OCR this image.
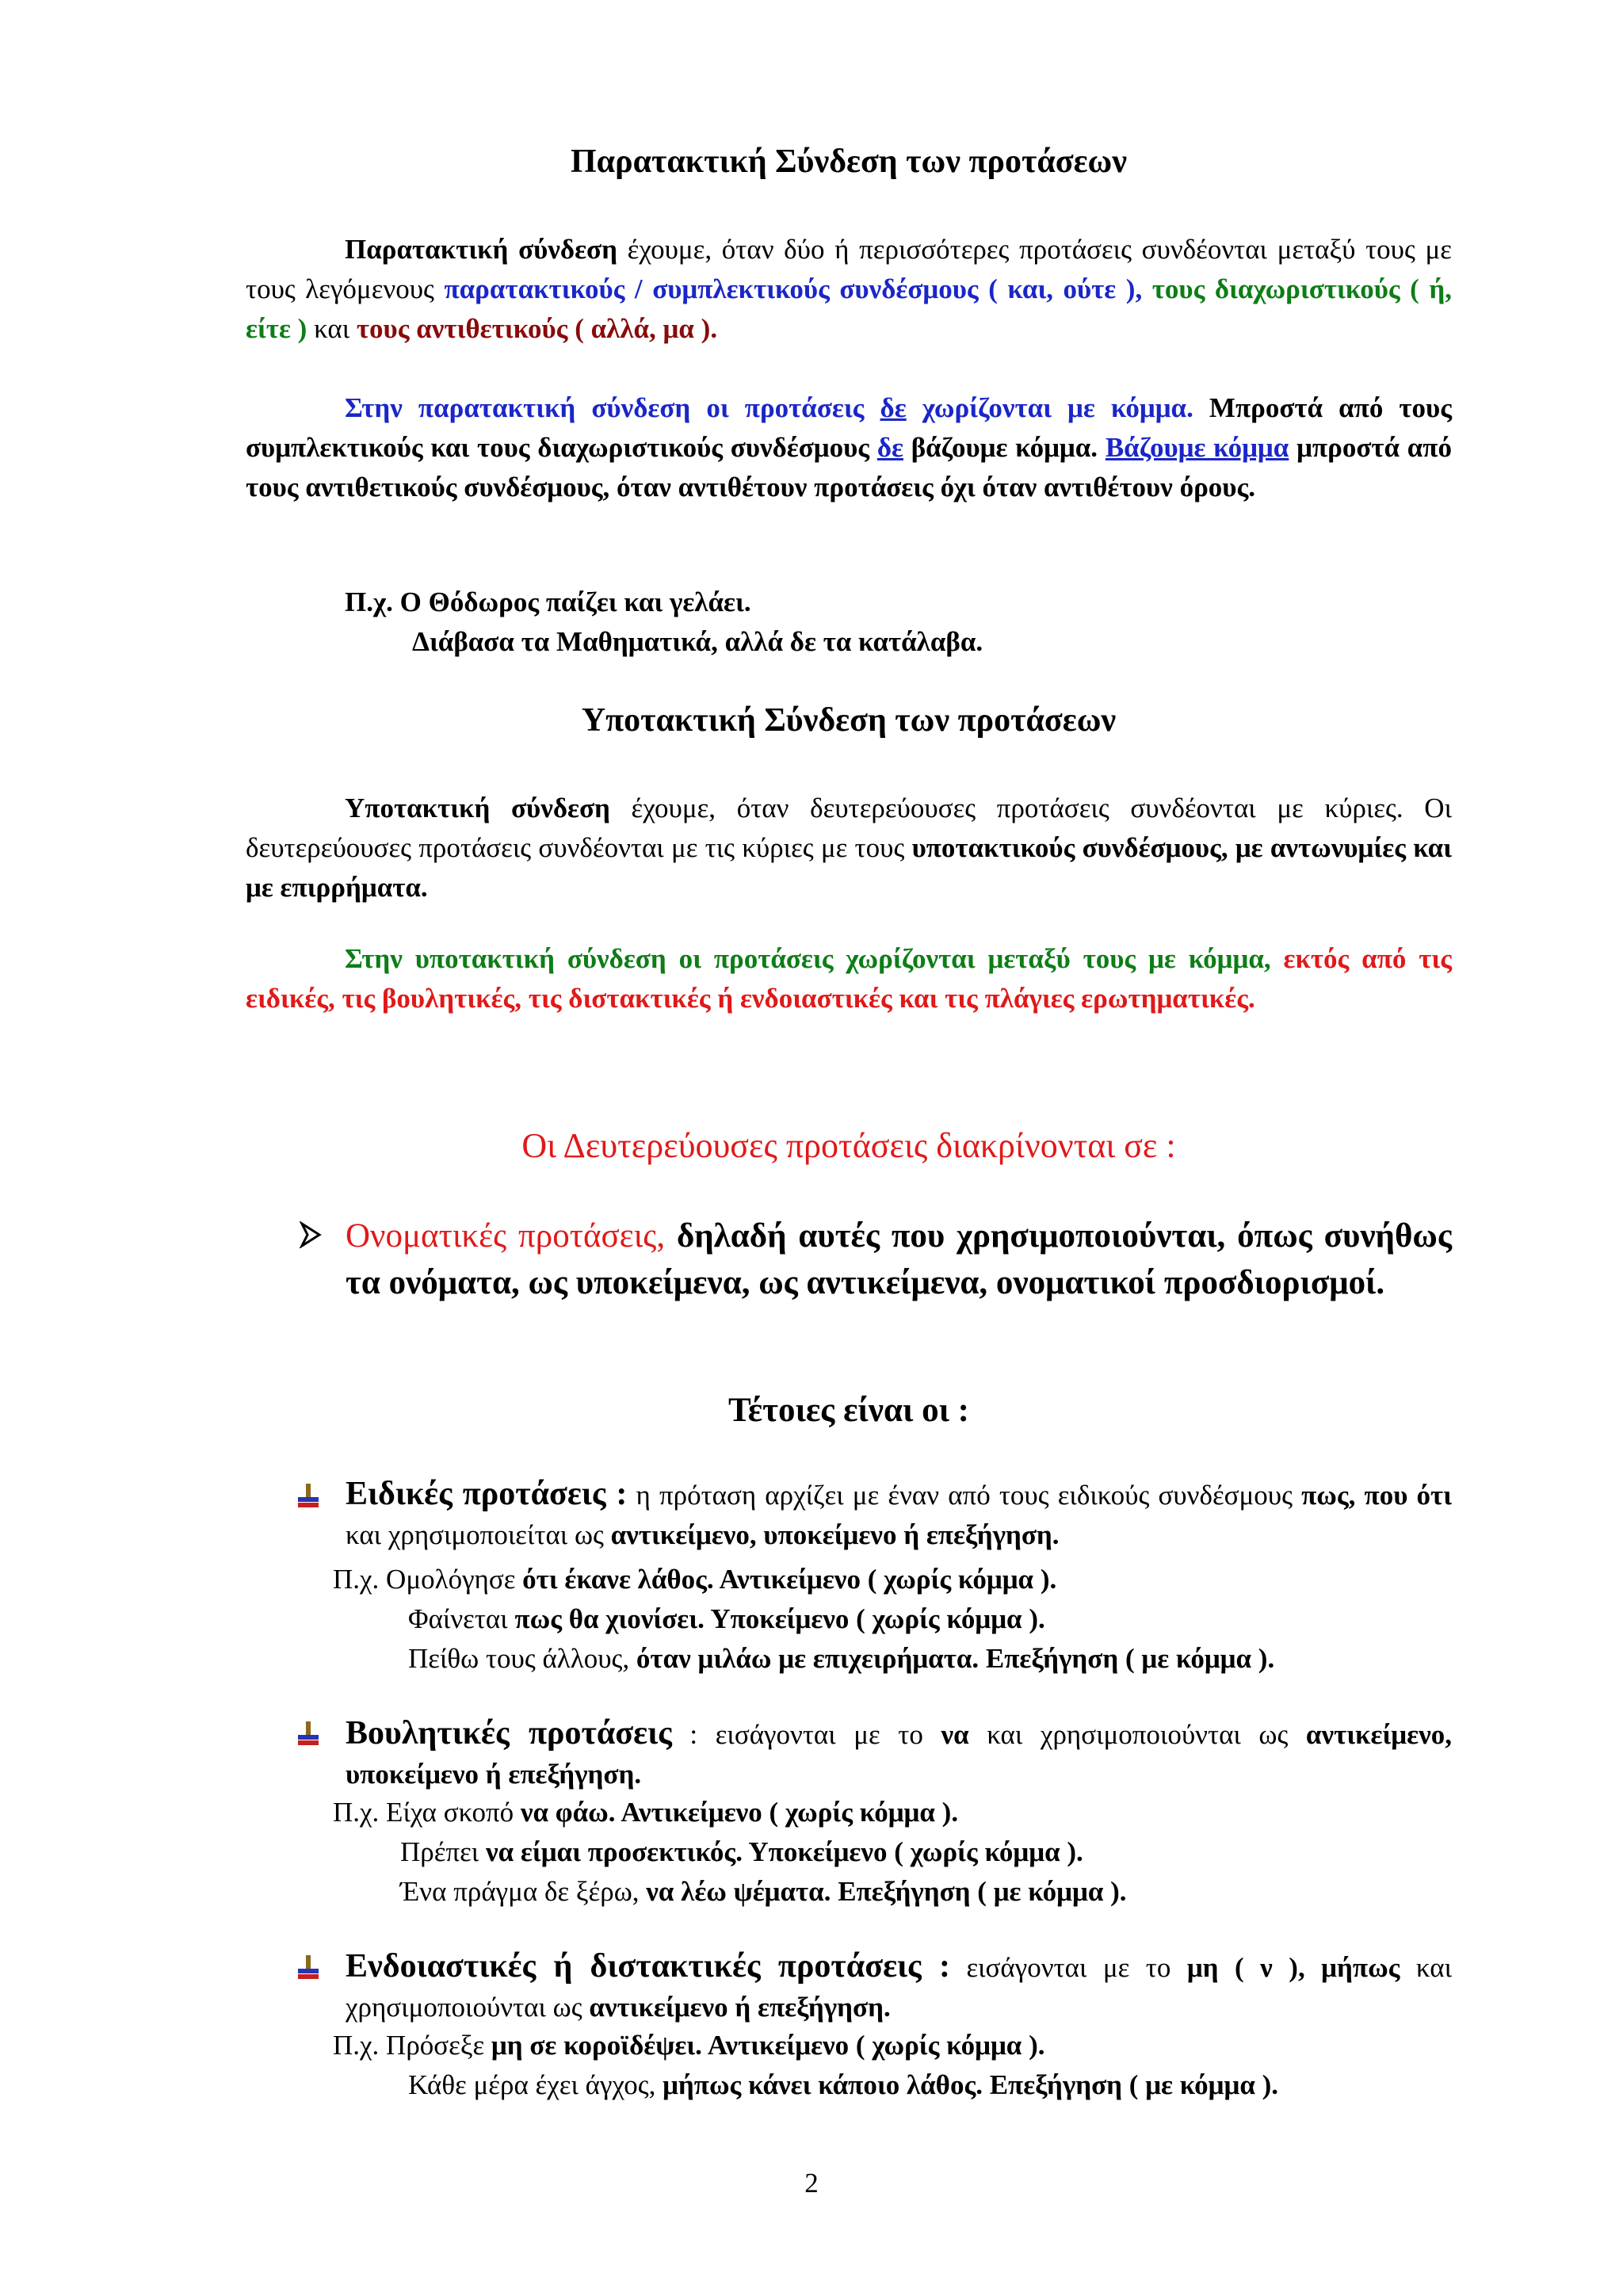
Παρατακτική Σύνδεση των προτάσεων

Παρατακτική σύνδεση έχουμε, όταν δύο ή περισσότερες προτάσεις συνδέονται μεταξύ τους με τους λεγόμενους παρατακτικούς / συμπλεκτικούς συνδέσμους ( και, ούτε ), τους διαχωριστικούς ( ή, είτε ) και τους αντιθετικούς ( αλλά, μα ).

Στην παρατακτική σύνδεση οι προτάσεις δε χωρίζονται με κόμμα. Μπροστά από τους συμπλεκτικούς και τους διαχωριστικούς συνδέσμους δε βάζουμε κόμμα. Βάζουμε κόμμα μπροστά από τους αντιθετικούς συνδέσμους, όταν αντιθέτουν προτάσεις όχι όταν αντιθέτουν όρους.

Π.χ. Ο Θόδωρος παίζει και γελάει.
Διάβασα τα Μαθηματικά, αλλά δε τα κατάλαβα.
Υποτακτική Σύνδεση των προτάσεων

Υποτακτική σύνδεση έχουμε, όταν δευτερεύουσες προτάσεις συνδέονται με κύριες. Οι δευτερεύουσες προτάσεις συνδέονται με τις κύριες με τους υποτακτικούς συνδέσμους, με αντωνυμίες και με επιρρήματα.

Στην υποτακτική σύνδεση οι προτάσεις χωρίζονται μεταξύ τους με κόμμα, εκτός από τις ειδικές, τις βουλητικές, τις διστακτικές ή ενδοιαστικές και τις πλάγιες ερωτηματικές.

Οι Δευτερεύουσες προτάσεις διακρίνονται σε :
Ονοματικές προτάσεις, δηλαδή αυτές που χρησιμοποιούνται, όπως συνήθως τα ονόματα, ως υποκείμενα, ως αντικείμενα, ονοματικοί προσδιορισμοί.
Τέτοιες είναι οι :

Ειδικές προτάσεις : η πρόταση αρχίζει με έναν από τους ειδικούς συνδέσμους πως, που ότι και χρησιμοποιείται ως αντικείμενο, υποκείμενο ή επεξήγηση.

Π.χ. Ομολόγησε ότι έκανε λάθος. Αντικείμενο ( χωρίς κόμμα ).
Φαίνεται πως θα χιονίσει. Υποκείμενο ( χωρίς κόμμα ).
Πείθω τους άλλους, όταν μιλάω με επιχειρήματα. Επεξήγηση ( με κόμμα ).

Βουλητικές προτάσεις : εισάγονται με το να και χρησιμοποιούνται ως αντικείμενο, υποκείμενο ή επεξήγηση.

Π.χ. Είχα σκοπό να φάω. Αντικείμενο ( χωρίς κόμμα ).
Πρέπει να είμαι προσεκτικός. Υποκείμενο ( χωρίς κόμμα ).
Ένα πράγμα δε ξέρω, να λέω ψέματα. Επεξήγηση ( με κόμμα ).

Ενδοιαστικές ή διστακτικές προτάσεις : εισάγονται με το μη ( ν ), μήπως και χρησιμοποιούνται ως αντικείμενο ή επεξήγηση.

Π.χ. Πρόσεξε μη σε κοροϊδέψει. Αντικείμενο ( χωρίς κόμμα ).
Κάθε μέρα έχει άγχος, μήπως κάνει κάποιο λάθος. Επεξήγηση ( με κόμμα ).
2
